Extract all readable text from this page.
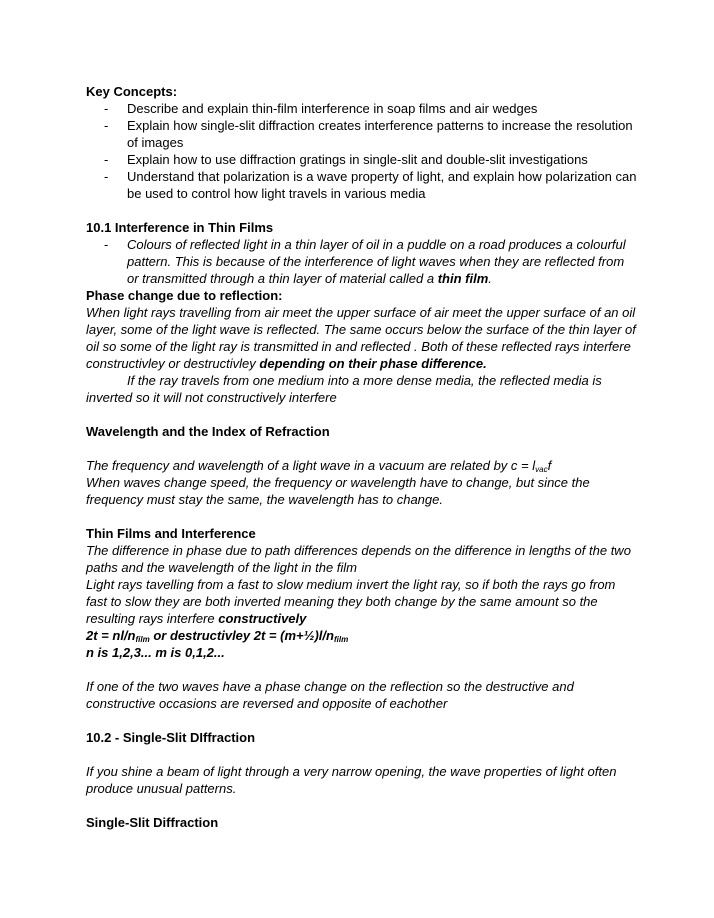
Key Concepts:

- Describe and explain thin-film interference in soap films and air wedges
- Explain how single-slit diffraction creates interference patterns to increase the resolution of images
- Explain how to use diffraction gratings in single-slit and double-slit investigations
- Understand that polarization is a wave property of light, and explain how polarization can be used to control how light travels in various media

10.1 Interference in Thin Films

- Colours of reflected light in a thin layer of oil in a puddle on a road produces a colourful pattern. This is because of the interference of light waves when they are reflected from or transmitted through a thin layer of material called a thin film.

Phase change due to reflection:

When light rays travelling from air meet the upper surface of air meet the upper surface of an oil layer, some of the light wave is reflected. The same occurs below the surface of the thin layer of oil so some of the light ray is transmitted in and reflected . Both of these reflected rays interfere constructivley or destructivley depending on their phase difference.

If the ray travels from one medium into a more dense media, the reflected media is inverted so it will not constructively interfere

Wavelength and the Index of Refraction

The frequency and wavelength of a light wave in a vacuum are related by $c = l_{vac}f$

When waves change speed, the frequency or wavelength have to change, but since the frequency must stay the same, the wavelength has to change.

Thin Films and Interference

The difference in phase due to path differences depends on the difference in lengths of the two paths and the wavelength of the light in the film

Light rays tavelling from a fast to slow medium invert the light ray, so if both the rays go from fast to slow they are both inverted meaning they both change by the same amount so the resulting rays interfere constructively

$2t = nl/n_{film}$ or destructivley $2t = (m+\frac{1}{2})l/n_{film}$

n is 1,2,3... m is 0,1,2...

If one of the two waves have a phase change on the reflection so the destructive and constructive occasions are reversed and opposite of eachother

10.2 - Single-Slit DIffraction

If you shine a beam of light through a very narrow opening, the wave properties of light often produce unusual patterns.

Single-Slit Diffraction
